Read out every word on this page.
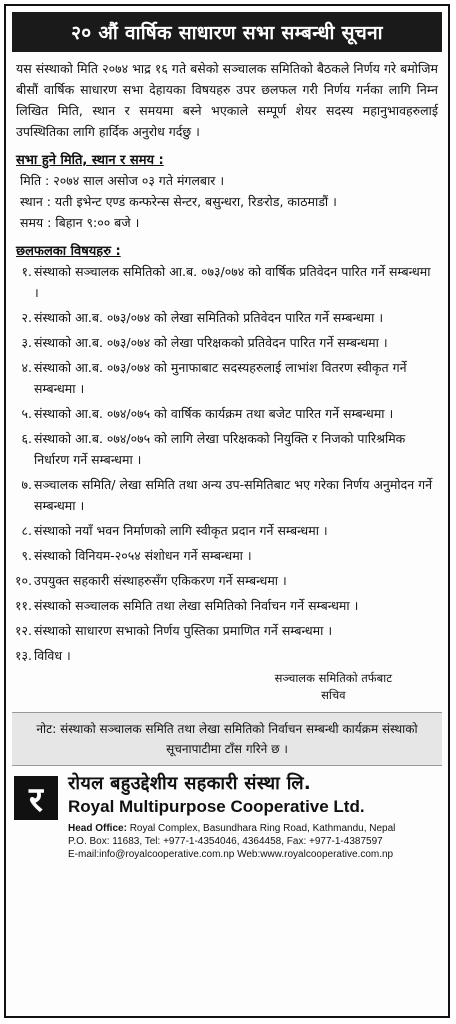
२० औं वार्षिक साधारण सभा सम्बन्धी सूचना
यस संस्थाको मिति २०७४ भाद्र १६ गते बसेको सञ्चालक समितिको बैठकले निर्णय गरे बमोजिम बीसौं वार्षिक साधारण सभा देहायका विषयहरु उपर छलफल गरी निर्णय गर्नका लागि निम्न लिखित मिति, स्थान र समयमा बस्ने भएकाले सम्पूर्ण शेयर सदस्य महानुभावहरुलाई उपस्थितिका लागि हार्दिक अनुरोध गर्दछु ।
सभा हुने मिति, स्थान र समय :
मिति : २०७४ साल असोज ०३ गते मंगलबार ।
स्थान : यती इभेन्ट एण्ड कन्फरेन्स सेन्टर, बसुन्धरा, रिङरोड, काठमाडौं ।
समय : बिहान ९:०० बजे ।
छलफलका विषयहरु :
१. संस्थाको सञ्चालक समितिको आ.ब. ०७३/०७४ को वार्षिक प्रतिवेदन पारित गर्ने सम्बन्धमा ।
२. संस्थाको आ.ब. ०७३/०७४ को लेखा समितिको प्रतिवेदन पारित गर्ने सम्बन्धमा ।
३. संस्थाको आ.ब. ०७३/०७४ को लेखा परिक्षकको प्रतिवेदन पारित गर्ने सम्बन्धमा ।
४. संस्थाको आ.ब. ०७३/०७४ को मुनाफाबाट सदस्यहरुलाई लाभांश वितरण स्वीकृत गर्ने सम्बन्धमा ।
५. संस्थाको आ.ब. ०७४/०७५ को वार्षिक कार्यक्रम तथा बजेट पारित गर्ने सम्बन्धमा ।
६. संस्थाको आ.ब. ०७४/०७५ को लागि लेखा परिक्षकको नियुक्ति र निजको पारिश्रमिक निर्धारण गर्ने सम्बन्धमा ।
७. सञ्चालक समिति/ लेखा समिति तथा अन्य उप-समितिबाट भए गरेका निर्णय अनुमोदन गर्ने सम्बन्धमा ।
८. संस्थाको नयाँ भवन निर्माणको लागि स्वीकृत प्रदान गर्ने सम्बन्धमा ।
९. संस्थाको विनियम-२०५४ संशोधन गर्ने सम्बन्धमा ।
१०. उपयुक्त सहकारी संस्थाहरुसँग एकिकरण गर्ने सम्बन्धमा ।
११. संस्थाको सञ्चालक समिति तथा लेखा समितिको निर्वाचन गर्ने सम्बन्धमा ।
१२. संस्थाको साधारण सभाको निर्णय पुस्तिका प्रमाणित गर्ने सम्बन्धमा ।
१३. विविध ।
सञ्चालक समितिको तर्फबाट
सचिव
नोट: संस्थाको सञ्चालक समिति तथा लेखा समितिको निर्वाचन सम्बन्धी कार्यक्रम संस्थाको सूचनापाटीमा टाँस गरिने छ ।
र	रोयल बहुउद्देशीय सहकारी संस्था लि.
Royal Multipurpose Cooperative Ltd.
Head Office: Royal Complex, Basundhara Ring Road, Kathmandu, Nepal
P.O. Box: 11683, Tel: +977-1-4354046, 4364458, Fax: +977-1-4387597
E-mail:info@royalcooperative.com.np Web:www.royalcooperative.com.np
